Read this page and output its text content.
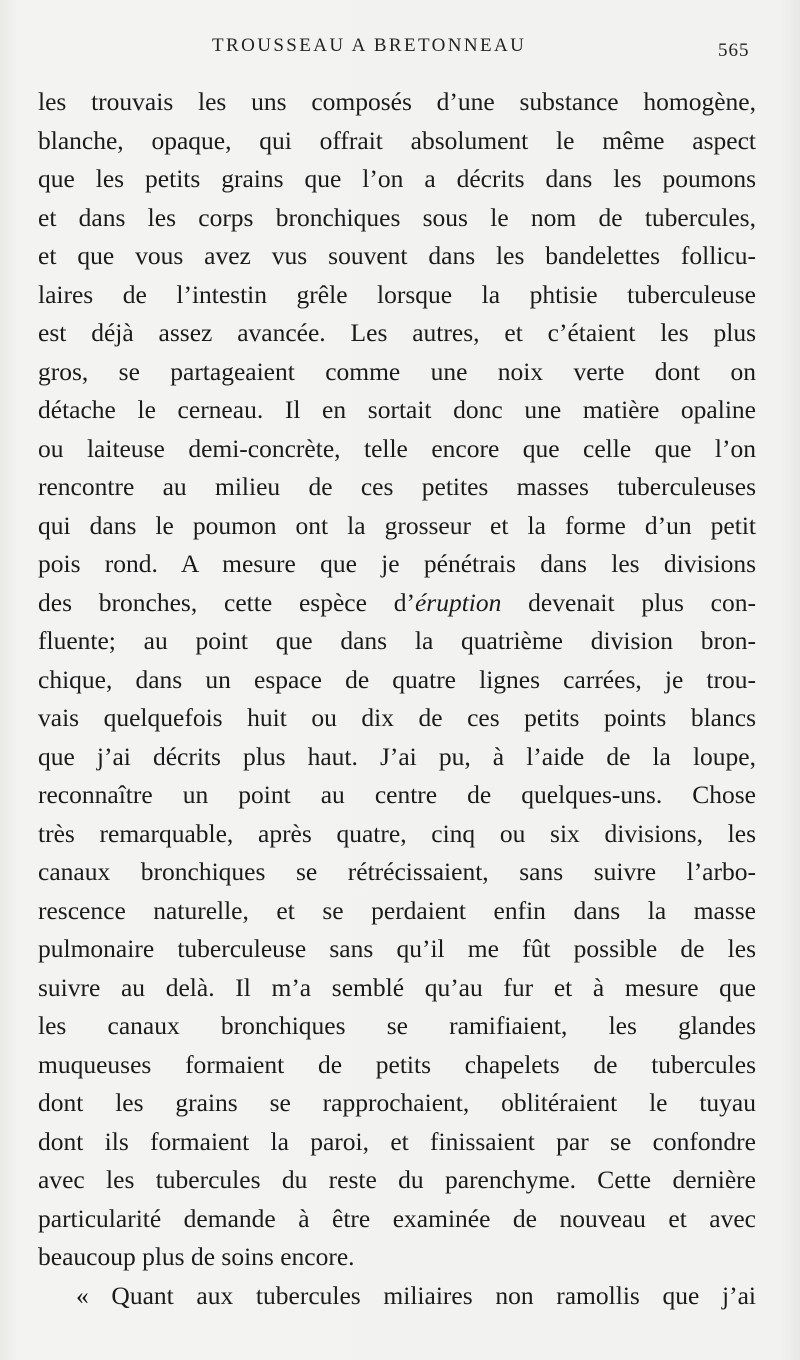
TROUSSEAU A BRETONNEAU	565
les trouvais les uns composés d’une substance homogène,
blanche, opaque, qui offrait absolument le même aspect
que les petits grains que l’on a décrits dans les poumons
et dans les corps bronchiques sous le nom de tubercules,
et que vous avez vus souvent dans les bandelettes follicu-
laires de l’intestin grêle lorsque la phtisie tuberculeuse
est déjà assez avancée. Les autres, et c’étaient les plus
gros, se partageaient comme une noix verte dont on
détache le cerneau. Il en sortait donc une matière opaline
ou laiteuse demi-concrète, telle encore que celle que l’on
rencontre au milieu de ces petites masses tuberculeuses
qui dans le poumon ont la grosseur et la forme d’un petit
pois rond. A mesure que je pénétrais dans les divisions
des bronches, cette espèce d’éruption devenait plus con-
fluente; au point que dans la quatrième division bron-
chique, dans un espace de quatre lignes carrées, je trou-
vais quelquefois huit ou dix de ces petits points blancs
que j’ai décrits plus haut. J’ai pu, à l’aide de la loupe,
reconnaître un point au centre de quelques-uns. Chose
très remarquable, après quatre, cinq ou six divisions, les
canaux bronchiques se rétrécissaient, sans suivre l’arbo-
rescence naturelle, et se perdaient enfin dans la masse
pulmonaire tuberculeuse sans qu’il me fût possible de les
suivre au delà. Il m’a semblé qu’au fur et à mesure que
les canaux bronchiques se ramifiaient, les glandes
muqueuses formaient de petits chapelets de tubercules
dont les grains se rapprochaient, oblitéraient le tuyau
dont ils formaient la paroi, et finissaient par se confondre
avec les tubercules du reste du parenchyme. Cette dernière
particularité demande à être examinée de nouveau et avec
beaucoup plus de soins encore.
« Quant aux tubercules miliaires non ramollis que j’ai
